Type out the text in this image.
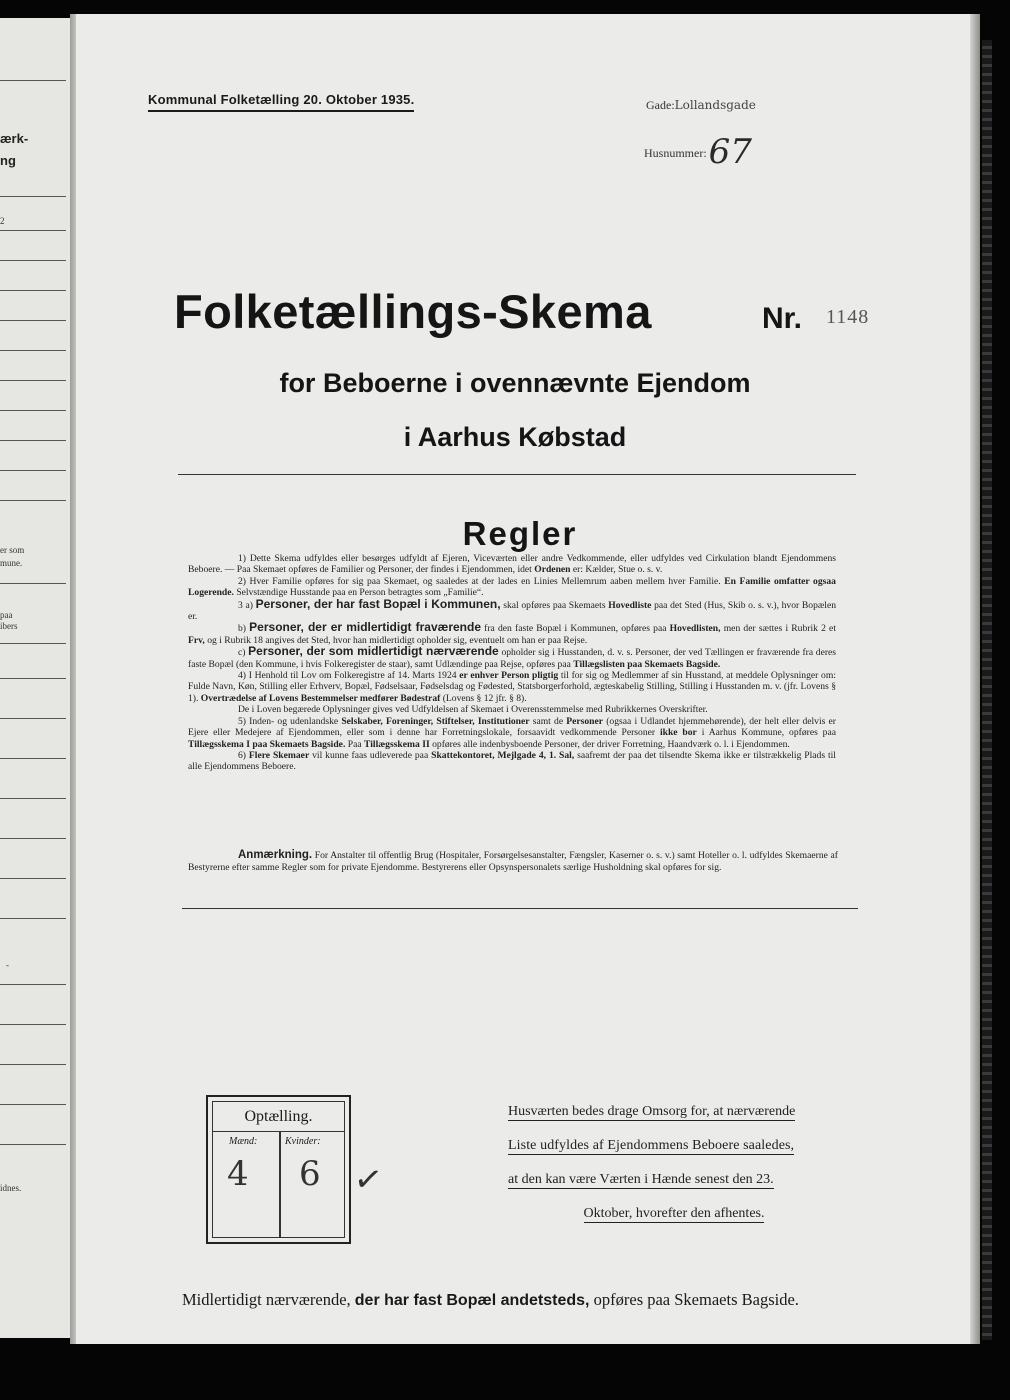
ærk-
ng
2
er som
mune.
paa
ibers
-
idnes.
Kommunal Folketælling 20. Oktober 1935.	Gade:Lollandsgade
Husnummer:67
Folketællings-Skema	Nr. 1148
for Beboerne i ovennævnte Ejendom
i Aarhus Købstad
Regler

1) Dette Skema udfyldes eller besørges udfyldt af Ejeren, Viceværten eller andre Vedkommende, eller udfyldes ved Cirkulation blandt Ejendommens Beboere. — Paa Skemaet opføres de Familier og Personer, der findes i Ejendommen, idet Ordenen er: Kælder, Stue o. s. v.

2) Hver Familie opføres for sig paa Skemaet, og saaledes at der lades en Linies Mellemrum aaben mellem hver Familie. En Familie omfatter ogsaa Logerende. Selvstændige Husstande paa en Person betragtes som „Familie“.

3 a) Personer, der har fast Bopæl i Kommunen, skal opføres paa Skemaets Hovedliste paa det Sted (Hus, Skib o. s. v.), hvor Bopælen er.

b) Personer, der er midlertidigt fraværende fra den faste Bopæl i Kommunen, opføres paa Hovedlisten, men der sættes i Rubrik 2 et Frv, og i Rubrik 18 angives det Sted, hvor han midlertidigt opholder sig, eventuelt om han er paa Rejse.

c) Personer, der som midlertidigt nærværende opholder sig i Husstanden, d. v. s. Personer, der ved Tællingen er fraværende fra deres faste Bopæl (den Kommune, i hvis Folkeregister de staar), samt Udlændinge paa Rejse, opføres paa Tillægslisten paa Skemaets Bagside.

4) I Henhold til Lov om Folkeregistre af 14. Marts 1924 er enhver Person pligtig til for sig og Medlemmer af sin Husstand, at meddele Oplysninger om: Fulde Navn, Køn, Stilling eller Erhverv, Bopæl, Fødselsaar, Fødselsdag og Fødested, Statsborgerforhold, ægteskabelig Stilling, Stilling i Husstanden m. v. (jfr. Lovens § 1). Overtrædelse af Lovens Bestemmelser medfører Bødestraf (Lovens § 12 jfr. § 8).

De i Loven begærede Oplysninger gives ved Udfyldelsen af Skemaet i Overensstemmelse med Rubrikkernes Overskrifter.

5) Inden- og udenlandske Selskaber, Foreninger, Stiftelser, Institutioner samt de Personer (ogsaa i Udlandet hjemmehørende), der helt eller delvis er Ejere eller Medejere af Ejendommen, eller som i denne har Forretningslokale, forsaavidt vedkommende Personer ikke bor i Aarhus Kommune, opføres paa Tillægsskema I paa Skemaets Bagside. Paa Tillægsskema II opføres alle indenbysboende Personer, der driver Forretning, Haandværk o. l. i Ejendommen.

6) Flere Skemaer vil kunne faas udleverede paa Skattekontoret, Mejlgade 4, 1. Sal, saafremt der paa det tilsendte Skema ikke er tilstrækkelig Plads til alle Ejendommens Beboere.

Anmærkning. For Anstalter til offentlig Brug (Hospitaler, Forsørgelsesanstalter, Fængsler, Kaserner o. s. v.) samt Hoteller o. l. udfyldes Skemaerne af Bestyrerne efter samme Regler som for private Ejendomme. Bestyrerens eller Opsynspersonalets særlige Husholdning skal opføres for sig.
Optælling.
Mænd:	Kvinder:
4 6 ✓
Husværten bedes drage Omsorg for, at nærværende
Liste udfyldes af Ejendommens Beboere saaledes,
at den kan være Værten i Hænde senest den 23.
Oktober, hvorefter den afhentes.
Midlertidigt nærværende, der har fast Bopæl andetsteds, opføres paa Skemaets Bagside.
